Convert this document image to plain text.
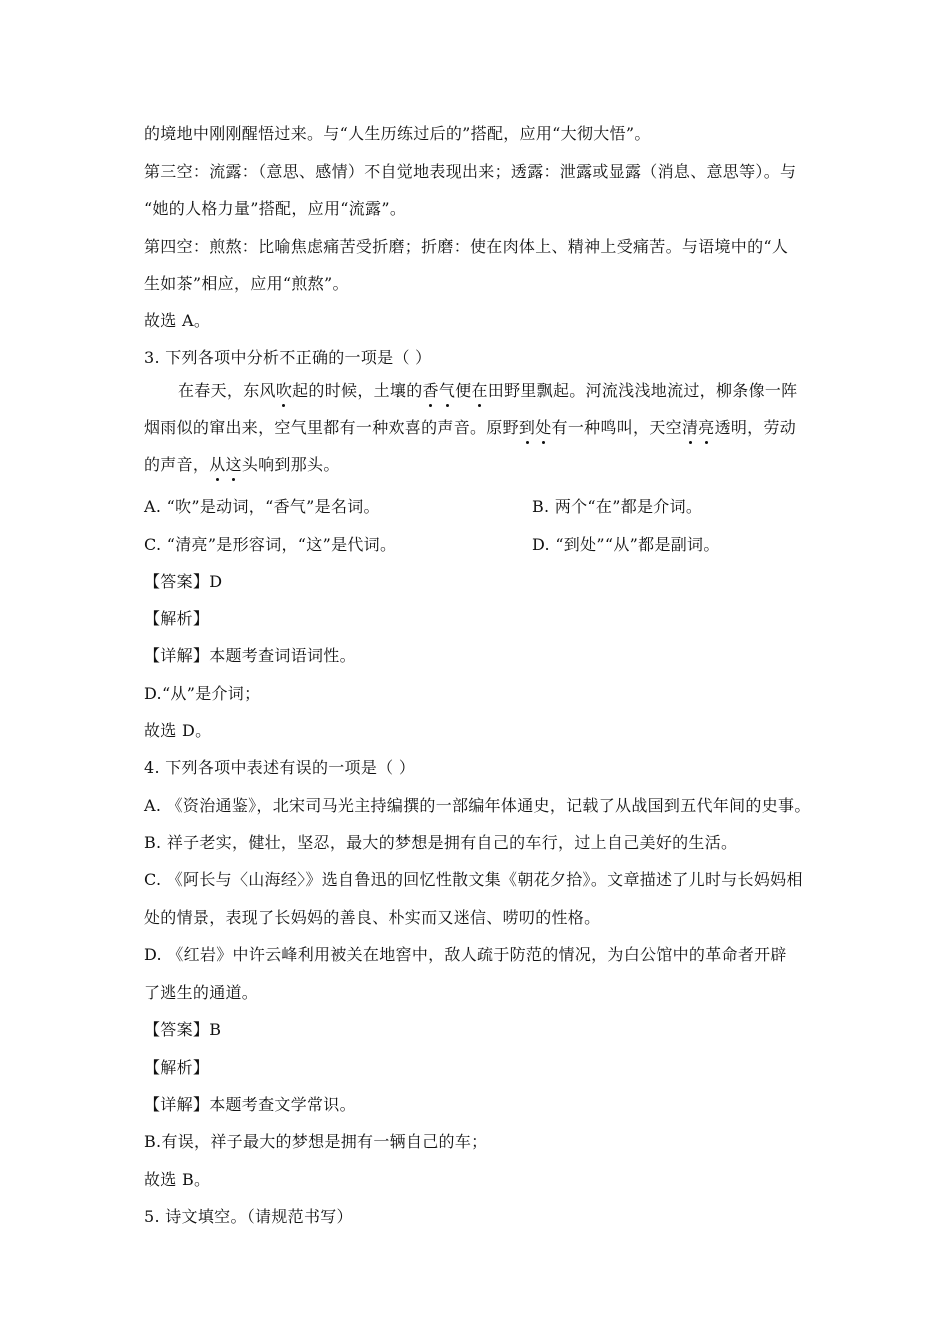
的境地中刚刚醒悟过来。与“人生历练过后的”搭配，应用“大彻大悟”。
第三空：流露：（意思、感情）不自觉地表现出来；透露：泄露或显露（消息、意思等）。与
“她的人格力量”搭配，应用“流露”。
第四空：煎熬：比喻焦虑痛苦受折磨；折磨：使在肉体上、精神上受痛苦。与语境中的“人
生如茶”相应，应用“煎熬”。
故选 A。
3. 下列各项中分析不正确的一项是（ ）
在春天，东风吹起的时候，土壤的香气便在田野里飘起。河流浅浅地流过，柳条像一阵
烟雨似的窜出来，空气里都有一种欢喜的声音。原野到处有一种鸣叫，天空清亮透明，劳动
的声音，从这头响到那头。
A. “吹”是动词，“香气”是名词。	B. 两个“在”都是介词。
C. “清亮”是形容词，“这”是代词。	D. “到处”“从”都是副词。
【答案】D
【解析】
【详解】本题考查词语词性。
D.“从”是介词；
故选 D。
4. 下列各项中表述有误的一项是（ ）
A. 《资治通鉴》，北宋司马光主持编撰的一部编年体通史，记载了从战国到五代年间的史事。
B. 祥子老实，健壮，坚忍，最大的梦想是拥有自己的车行，过上自己美好的生活。
C. 《阿长与〈山海经〉》选自鲁迅的回忆性散文集《朝花夕拾》。文章描述了儿时与长妈妈相
处的情景，表现了长妈妈的善良、朴实而又迷信、唠叨的性格。
D. 《红岩》中许云峰利用被关在地窖中，敌人疏于防范的情况，为白公馆中的革命者开辟
了逃生的通道。
【答案】B
【解析】
【详解】本题考查文学常识。
B.有误，祥子最大的梦想是拥有一辆自己的车；
故选 B。
5. 诗文填空。（请规范书写）
